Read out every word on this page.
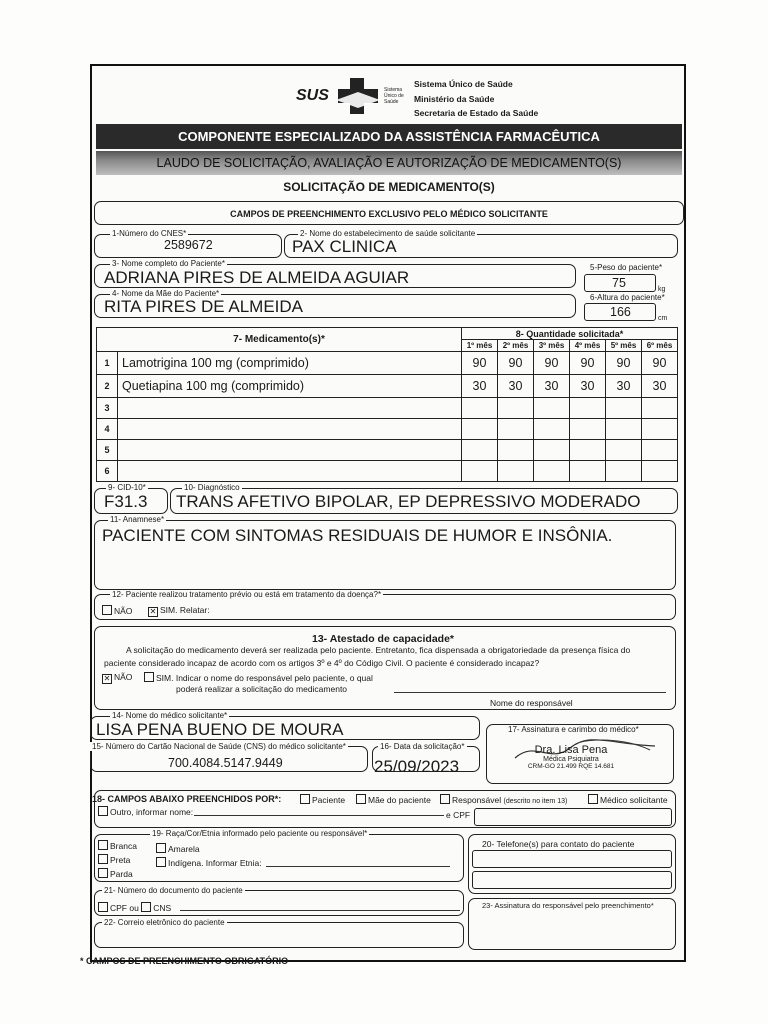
SUS	Sistema Único de Saúde
Sistema Único de Saúde
Ministério da Saúde
Secretaria de Estado da Saúde
COMPONENTE ESPECIALIZADO DA ASSISTÊNCIA FARMACÊUTICA
LAUDO DE SOLICITAÇÃO, AVALIAÇÃO E AUTORIZAÇÃO DE MEDICAMENTO(S)
SOLICITAÇÃO DE MEDICAMENTO(S)
CAMPOS DE PREENCHIMENTO EXCLUSIVO PELO MÉDICO SOLICITANTE
1-Número do CNES*
2589672
2- Nome do estabelecimento de saúde solicitante
PAX CLINICA
3- Nome completo do Paciente*
ADRIANA PIRES DE ALMEIDA AGUIAR
5-Peso do paciente*
75	kg
4- Nome da Mãe do Paciente*
RITA PIRES DE ALMEIDA	6-Altura do paciente*
166	cm
7- Medicamento(s)*		8- Quantidade solicitada*					
		1º mês	2º mês	3º mês	4º mês	5º mês	6º mês
1	Lamotrigina 100 mg (comprimido)	90	90	90	90	90	90
2	Quetiapina 100 mg (comprimido)	30	30	30	30	30	30
3							
4							
5							
6							
9- CID-10*
F31.3
10- Diagnóstico
TRANS AFETIVO BIPOLAR, EP DEPRESSIVO MODERADO
11- Anamnese*
PACIENTE COM SINTOMAS RESIDUAIS DE HUMOR E INSÔNIA.
12- Paciente realizou tratamento prévio ou está em tratamento da doença?*
NÃO ✕ SIM. Relatar:
13- Atestado de capacidade*
A solicitação do medicamento deverá ser realizada pelo paciente. Entretanto, fica dispensada a obrigatoriedade da presença física do
paciente considerado incapaz de acordo com os artigos 3º e 4º do Código Civil. O paciente é considerado incapaz?
✕ NÃO	SIM. Indicar o nome do responsável pelo paciente, o qual
poderá realizar a solicitação do medicamento
Nome do responsável
14- Nome do médico solicitante*
LISA PENA BUENO DE MOURA
15- Número do Cartão Nacional de Saúde (CNS) do médico solicitante*
700.4084.5147.9449
16- Data da solicitação*
25/09/2023
17- Assinatura e carimbo do médico*
Dra. Lisa Pena
Médica Psiquiatra
CRM-GO 21.499 RQE 14.681
18- CAMPOS ABAIXO PREENCHIDOS POR*:	Paciente	Mãe do paciente	Responsável (descrito no item 13)	Médico solicitante
Outro, informar nome:	e CPF
19- Raça/Cor/Etnia informado pelo paciente ou responsável*
Branca	Amarela
Preta	Indígena. Informar Etnia:
Parda
20- Telefone(s) para contato do paciente
21- Número do documento do paciente
CPF ou CNS
22- Correio eletrônico do paciente
23- Assinatura do responsável pelo preenchimento*
* CAMPOS DE PREENCHIMENTO OBRIGATÓRIO
